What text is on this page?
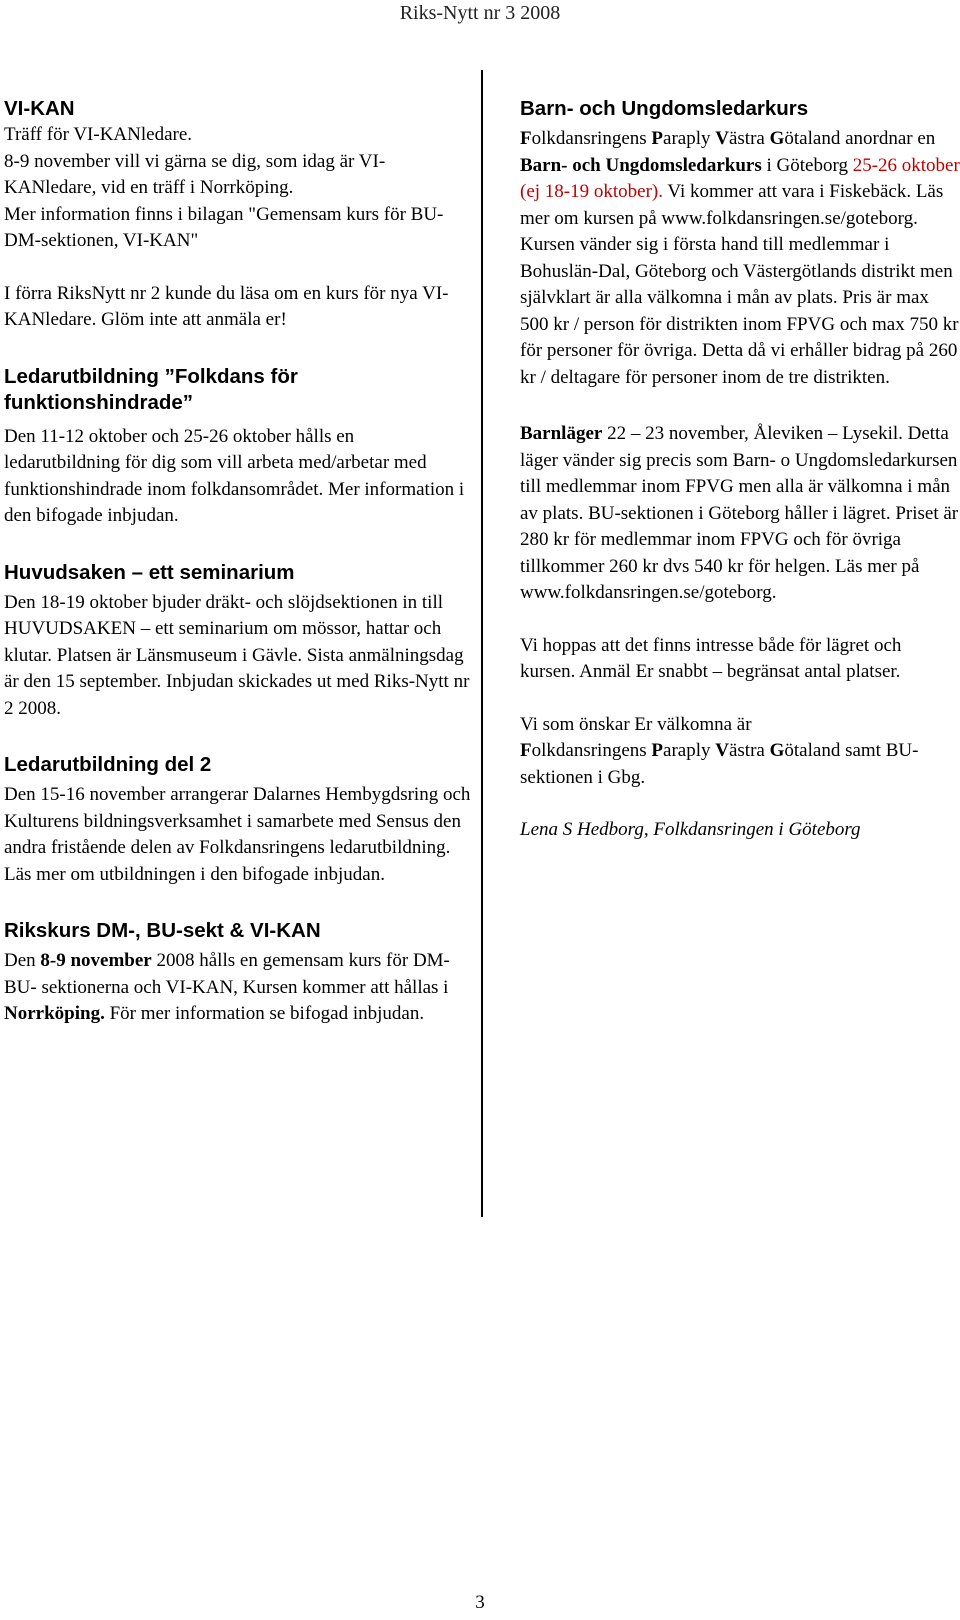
Riks-Nytt nr 3 2008
VI-KAN

Träff för VI-KANledare.

8-9 november vill vi gärna se dig, som idag är VI-KANledare, vid en träff i Norrköping.

Mer information finns i bilagan "Gemensam kurs för BU- DM-sektionen, VI-KAN"

I förra RiksNytt nr 2 kunde du läsa om en kurs för nya VI-KANledare. Glöm inte att anmäla er!

Ledarutbildning ”Folkdans för funktionshindrade”

Den 11-12 oktober och 25-26 oktober hålls en ledarutbildning för dig som vill arbeta med/arbetar med funktionshindrade inom folkdansområdet. Mer information i den bifogade inbjudan.

Huvudsaken – ett seminarium

Den 18-19 oktober bjuder dräkt- och slöjdsektionen in till HUVUDSAKEN – ett seminarium om mössor, hattar och klutar. Platsen är Länsmuseum i Gävle. Sista anmälningsdag är den 15 september. Inbjudan skickades ut med Riks-Nytt nr 2 2008.

Ledarutbildning del 2

Den 15-16 november arrangerar Dalarnes Hembygdsring och Kulturens bildningsverksamhet i samarbete med Sensus den andra fristående delen av Folkdansringens ledarutbildning.

Läs mer om utbildningen i den bifogade inbjudan.

Rikskurs DM-, BU-sekt & VI-KAN

Den 8-9 november 2008 hålls en gemensam kurs för DM- BU- sektionerna och VI-KAN, Kursen kommer att hållas i Norrköping. För mer information se bifogad inbjudan.

Barn- och Ungdomsledarkurs

Folkdansringens Paraply Västra Götaland anordnar en Barn- och Ungdomsledarkurs i Göteborg 25-26 oktober (ej 18-19 oktober). Vi kommer att vara i Fiskebäck. Läs mer om kursen på www.folkdansringen.se/goteborg.

Kursen vänder sig i första hand till medlemmar i Bohuslän-Dal, Göteborg och Västergötlands distrikt men självklart är alla välkomna i mån av plats. Pris är max 500 kr / person för distrikten inom FPVG och max 750 kr för personer för övriga. Detta då vi erhåller bidrag på 260 kr / deltagare för personer inom de tre distrikten.

Barnläger 22 – 23 november, Åleviken – Lysekil. Detta läger vänder sig precis som Barn- o Ungdomsledarkursen till medlemmar inom FPVG men alla är välkomna i mån av plats. BU-sektionen i Göteborg håller i lägret. Priset är 280 kr för medlemmar inom FPVG och för övriga tillkommer 260 kr dvs 540 kr för helgen. Läs mer på www.folkdansringen.se/goteborg.

Vi hoppas att det finns intresse både för lägret och kursen. Anmäl Er snabbt – begränsat antal platser.

Vi som önskar Er välkomna är

Folkdansringens Paraply Västra Götaland samt BU-sektionen i Gbg.

Lena S Hedborg, Folkdansringen i Göteborg

3
